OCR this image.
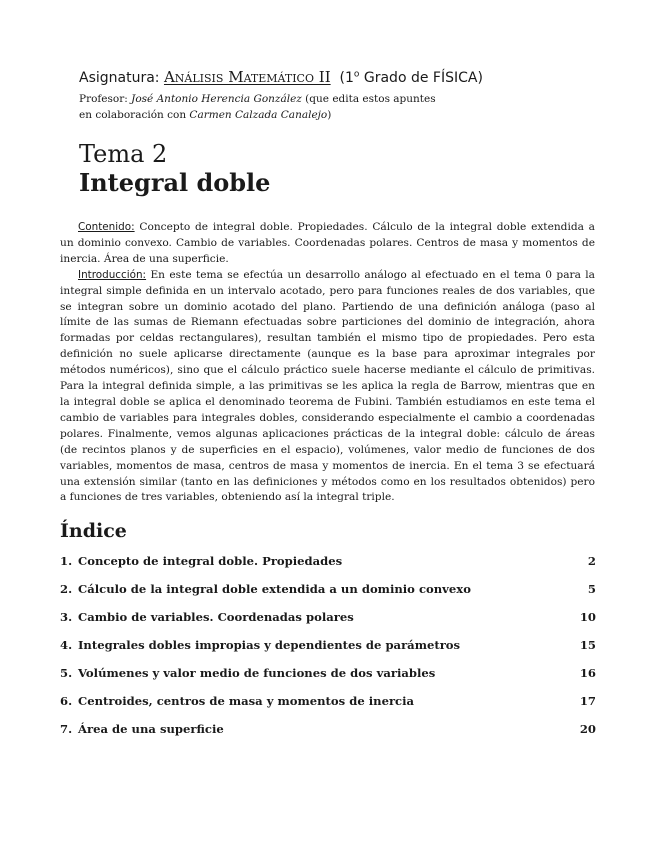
Asignatura: Análisis Matemático II (1$^o$ Grado de FÍSICA)
Profesor: José Antonio Herencia González (que edita estos apuntes
en colaboración con Carmen Calzada Canalejo)
Tema 2
Integral doble

Contenido: Concepto de integral doble. Propiedades. Cálculo de la integral doble extendida a un dominio convexo. Cambio de variables. Coordenadas polares. Centros de masa y momentos de inercia. Área de una superficie.

Introducción: En este tema se efectúa un desarrollo análogo al efectuado en el tema 0 para la integral simple definida en un intervalo acotado, pero para funciones reales de dos variables, que se integran sobre un dominio acotado del plano. Partiendo de una definición análoga (paso al límite de las sumas de Riemann efectuadas sobre particiones del dominio de integración, ahora formadas por celdas rectangulares), resultan también el mismo tipo de propiedades. Pero esta definición no suele aplicarse directamente (aunque es la base para aproximar integrales por métodos numéricos), sino que el cálculo práctico suele hacerse mediante el cálculo de primitivas. Para la integral definida simple, a las primitivas se les aplica la regla de Barrow, mientras que en la integral doble se aplica el denominado teorema de Fubini. También estudiamos en este tema el cambio de variables para integrales dobles, considerando especialmente el cambio a coordenadas polares. Finalmente, vemos algunas aplicaciones prácticas de la integral doble: cálculo de áreas (de recintos planos y de superficies en el espacio), volúmenes, valor medio de funciones de dos variables, momentos de masa, centros de masa y momentos de inercia. En el tema 3 se efectuará una extensión similar (tanto en las definiciones y métodos como en los resultados obtenidos) pero a funciones de tres variables, obteniendo así la integral triple.

Índice
1. Concepto de integral doble. Propiedades	2
2. Cálculo de la integral doble extendida a un dominio convexo	5
3. Cambio de variables. Coordenadas polares	10
4. Integrales dobles impropias y dependientes de parámetros	15
5. Volúmenes y valor medio de funciones de dos variables	16
6. Centroides, centros de masa y momentos de inercia	17
7. Área de una superficie	20
